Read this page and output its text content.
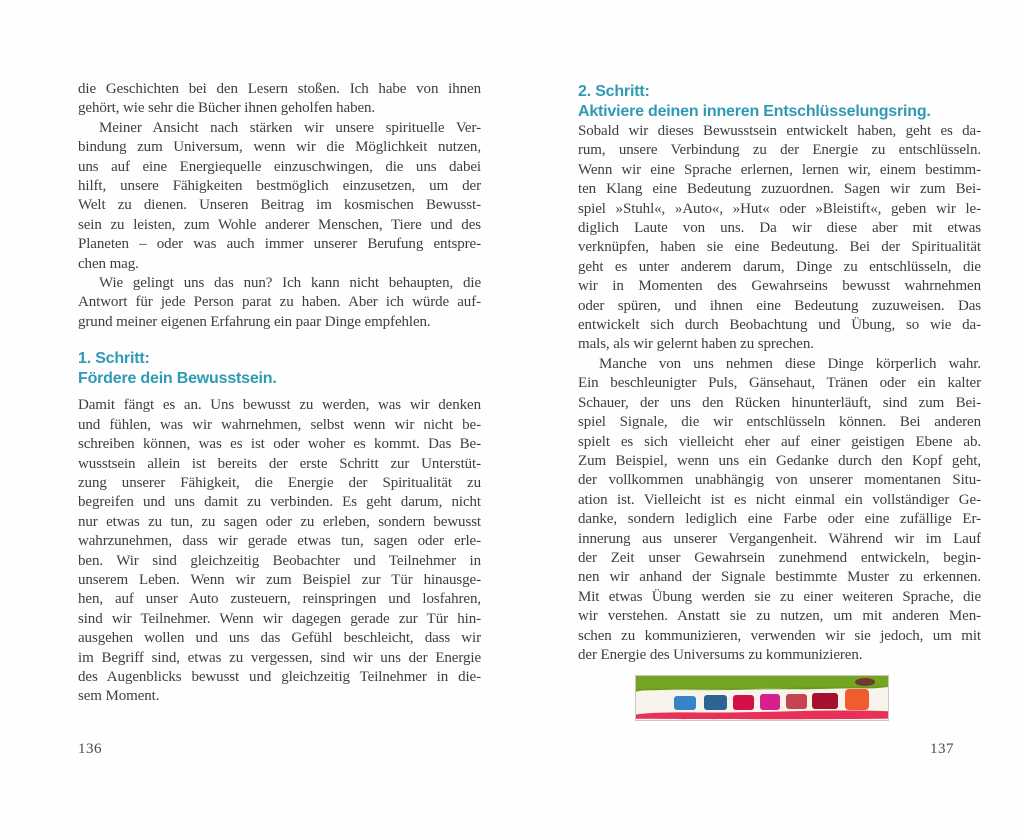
die Geschichten bei den Lesern stoßen. Ich habe von ihnen
gehört, wie sehr die Bücher ihnen geholfen haben.
Meiner Ansicht nach stärken wir unsere spirituelle Ver-
bindung zum Universum, wenn wir die Möglichkeit nutzen,
uns auf eine Energiequelle einzuschwingen, die uns dabei
hilft, unsere Fähigkeiten bestmöglich einzusetzen, um der
Welt zu dienen. Unseren Beitrag im kosmischen Bewusst-
sein zu leisten, zum Wohle anderer Menschen, Tiere und des
Planeten – oder was auch immer unserer Berufung entspre-
chen mag.
Wie gelingt uns das nun? Ich kann nicht behaupten, die
Antwort für jede Person parat zu haben. Aber ich würde auf-
grund meiner eigenen Erfahrung ein paar Dinge empfehlen.
1. Schritt:
Fördere dein Bewusstsein.
Damit fängt es an. Uns bewusst zu werden, was wir denken
und fühlen, was wir wahrnehmen, selbst wenn wir nicht be-
schreiben können, was es ist oder woher es kommt. Das Be-
wusstsein allein ist bereits der erste Schritt zur Unterstüt-
zung unserer Fähigkeit, die Energie der Spiritualität zu
begreifen und uns damit zu verbinden. Es geht darum, nicht
nur etwas zu tun, zu sagen oder zu erleben, sondern bewusst
wahrzunehmen, dass wir gerade etwas tun, sagen oder erle-
ben. Wir sind gleichzeitig Beobachter und Teilnehmer in
unserem Leben. Wenn wir zum Beispiel zur Tür hinausge-
hen, auf unser Auto zusteuern, reinspringen und losfahren,
sind wir Teilnehmer. Wenn wir dagegen gerade zur Tür hin-
ausgehen wollen und uns das Gefühl beschleicht, dass wir
im Begriff sind, etwas zu vergessen, sind wir uns der Energie
des Augenblicks bewusst und gleichzeitig Teilnehmer in die-
sem Moment.
2. Schritt:
Aktiviere deinen inneren Entschlüsselungsring.
Sobald wir dieses Bewusstsein entwickelt haben, geht es da-
rum, unsere Verbindung zu der Energie zu entschlüsseln.
Wenn wir eine Sprache erlernen, lernen wir, einem bestimm-
ten Klang eine Bedeutung zuzuordnen. Sagen wir zum Bei-
spiel »Stuhl«, »Auto«, »Hut« oder »Bleistift«, geben wir le-
diglich Laute von uns. Da wir diese aber mit etwas
verknüpfen, haben sie eine Bedeutung. Bei der Spiritualität
geht es unter anderem darum, Dinge zu entschlüsseln, die
wir in Momenten des Gewahrseins bewusst wahrnehmen
oder spüren, und ihnen eine Bedeutung zuzuweisen. Das
entwickelt sich durch Beobachtung und Übung, so wie da-
mals, als wir gelernt haben zu sprechen.
Manche von uns nehmen diese Dinge körperlich wahr.
Ein beschleunigter Puls, Gänsehaut, Tränen oder ein kalter
Schauer, der uns den Rücken hinunterläuft, sind zum Bei-
spiel Signale, die wir entschlüsseln können. Bei anderen
spielt es sich vielleicht eher auf einer geistigen Ebene ab.
Zum Beispiel, wenn uns ein Gedanke durch den Kopf geht,
der vollkommen unabhängig von unserer momentanen Situ-
ation ist. Vielleicht ist es nicht einmal ein vollständiger Ge-
danke, sondern lediglich eine Farbe oder eine zufällige Er-
innerung aus unserer Vergangenheit. Während wir im Lauf
der Zeit unser Gewahrsein zunehmend entwickeln, begin-
nen wir anhand der Signale bestimmte Muster zu erkennen.
Mit etwas Übung werden sie zu einer weiteren Sprache, die
wir verstehen. Anstatt sie zu nutzen, um mit anderen Men-
schen zu kommunizieren, verwenden wir sie jedoch, um mit
der Energie des Universums zu kommunizieren.
136	137
